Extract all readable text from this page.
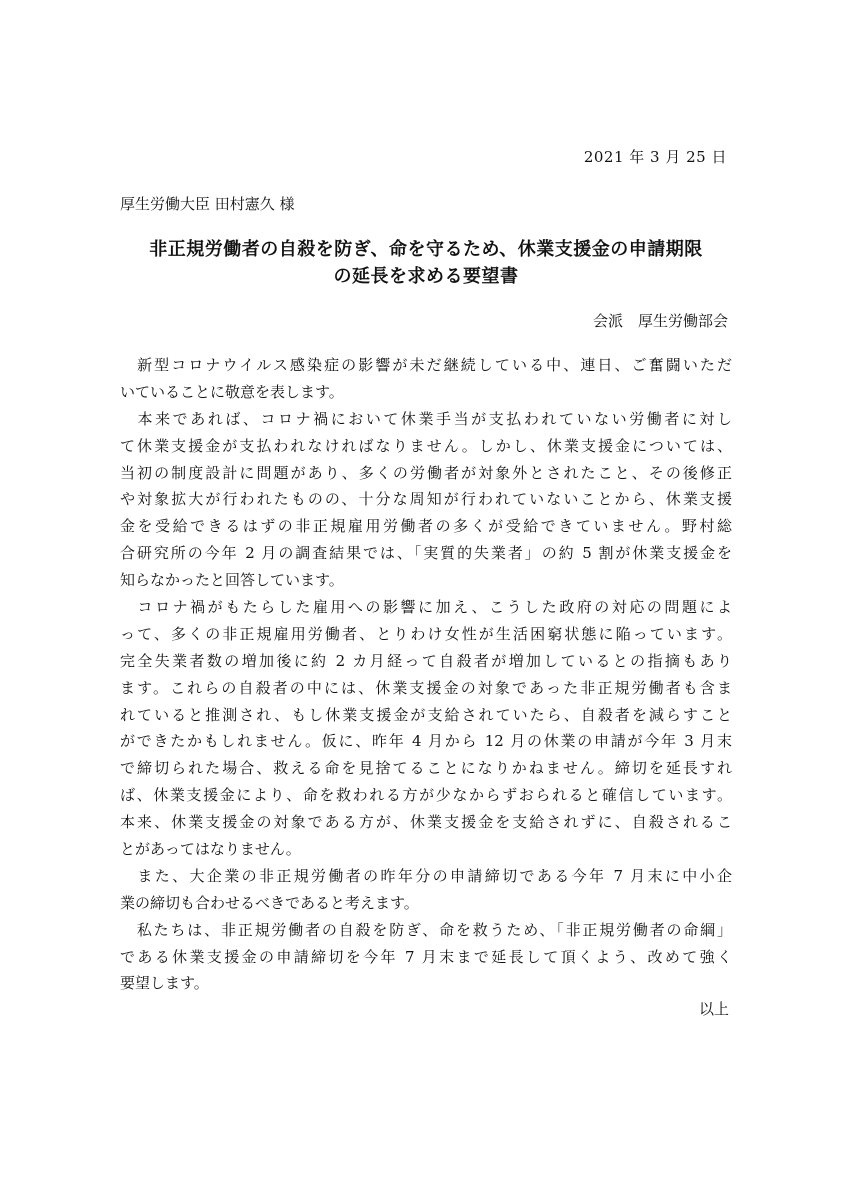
2021 年 3 月 25 日
厚生労働大臣 田村憲久 様
非正規労働者の自殺を防ぎ、命を守るため、休業支援金の申請期限
の延長を求める要望書
会派　厚生労働部会
　新型コロナウイルス感染症の影響が未だ継続している中、連日、ご奮闘いただ
いていることに敬意を表します。
　本来であれば、コロナ禍において休業手当が支払われていない労働者に対し
て休業支援金が支払われなければなりません。しかし、休業支援金については、
当初の制度設計に問題があり、多くの労働者が対象外とされたこと、その後修正
や対象拡大が行われたものの、十分な周知が行われていないことから、休業支援
金を受給できるはずの非正規雇用労働者の多くが受給できていません。野村総
合研究所の今年 2 月の調査結果では、「実質的失業者」の約 5 割が休業支援金を
知らなかったと回答しています。
　コロナ禍がもたらした雇用への影響に加え、こうした政府の対応の問題によ
って、多くの非正規雇用労働者、とりわけ女性が生活困窮状態に陥っています。
完全失業者数の増加後に約 2 カ月経って自殺者が増加しているとの指摘もあり
ます。これらの自殺者の中には、休業支援金の対象であった非正規労働者も含ま
れていると推測され、もし休業支援金が支給されていたら、自殺者を減らすこと
ができたかもしれません。仮に、昨年 4 月から 12 月の休業の申請が今年 3 月末
で締切られた場合、救える命を見捨てることになりかねません。締切を延長すれ
ば、休業支援金により、命を救われる方が少なからずおられると確信しています。
本来、休業支援金の対象である方が、休業支援金を支給されずに、自殺されるこ
とがあってはなりません。
　また、大企業の非正規労働者の昨年分の申請締切である今年 7 月末に中小企
業の締切も合わせるべきであると考えます。
　私たちは、非正規労働者の自殺を防ぎ、命を救うため、「非正規労働者の命綱」
である休業支援金の申請締切を今年 7 月末まで延長して頂くよう、改めて強く
要望します。
以上
